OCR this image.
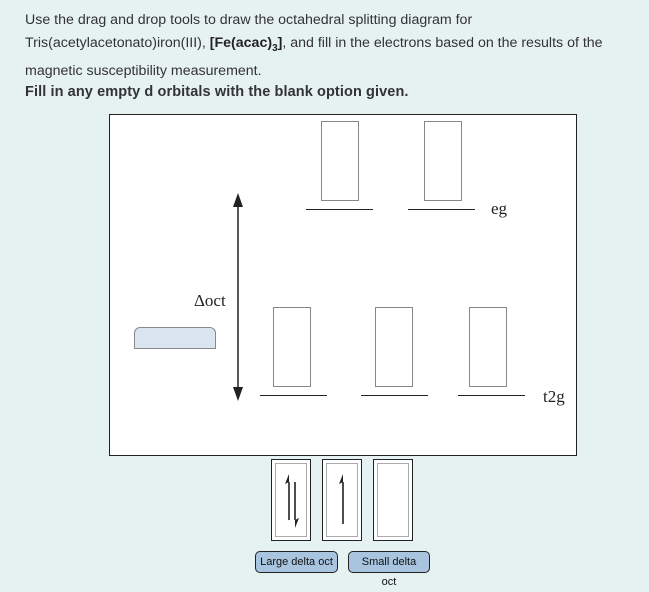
Use the drag and drop tools to draw the octahedral splitting diagram for
Tris(acetylacetonato)iron(III), $[Fe(acac)_3]$, and fill in the electrons based on the results of the
magnetic susceptibility measurement.
Fill in any empty d orbitals with the blank option given.
eg
Δoct
t2g
Large delta oct	Small delta oct
